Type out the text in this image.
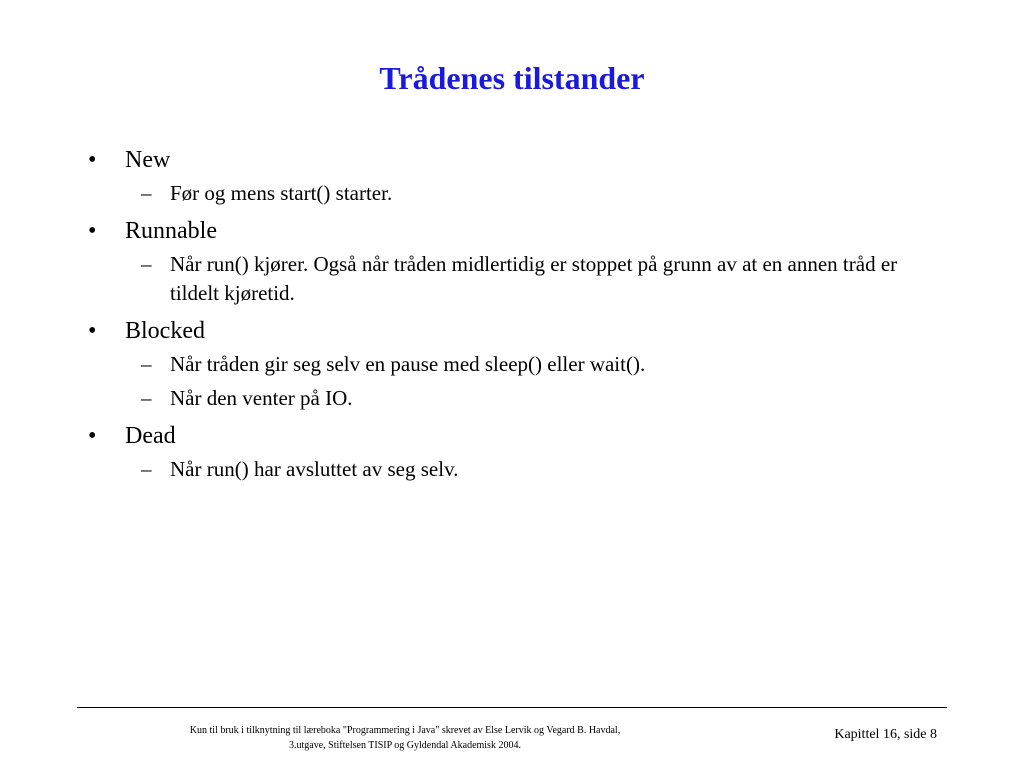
Trådenes tilstander
• New
– Før og mens start() starter.
• Runnable
– Når run() kjører. Også når tråden midlertidig er stoppet på grunn av at en annen tråd er tildelt kjøretid.
• Blocked
– Når tråden gir seg selv en pause med sleep() eller wait().
– Når den venter på IO.
• Dead
– Når run() har avsluttet av seg selv.
Kun til bruk i tilknytning til læreboka "Programmering i Java" skrevet av Else Lervik og Vegard B. Havdal,
3.utgave, Stiftelsen TISIP og Gyldendal Akademisk 2004.
Kapittel 16, side 8
